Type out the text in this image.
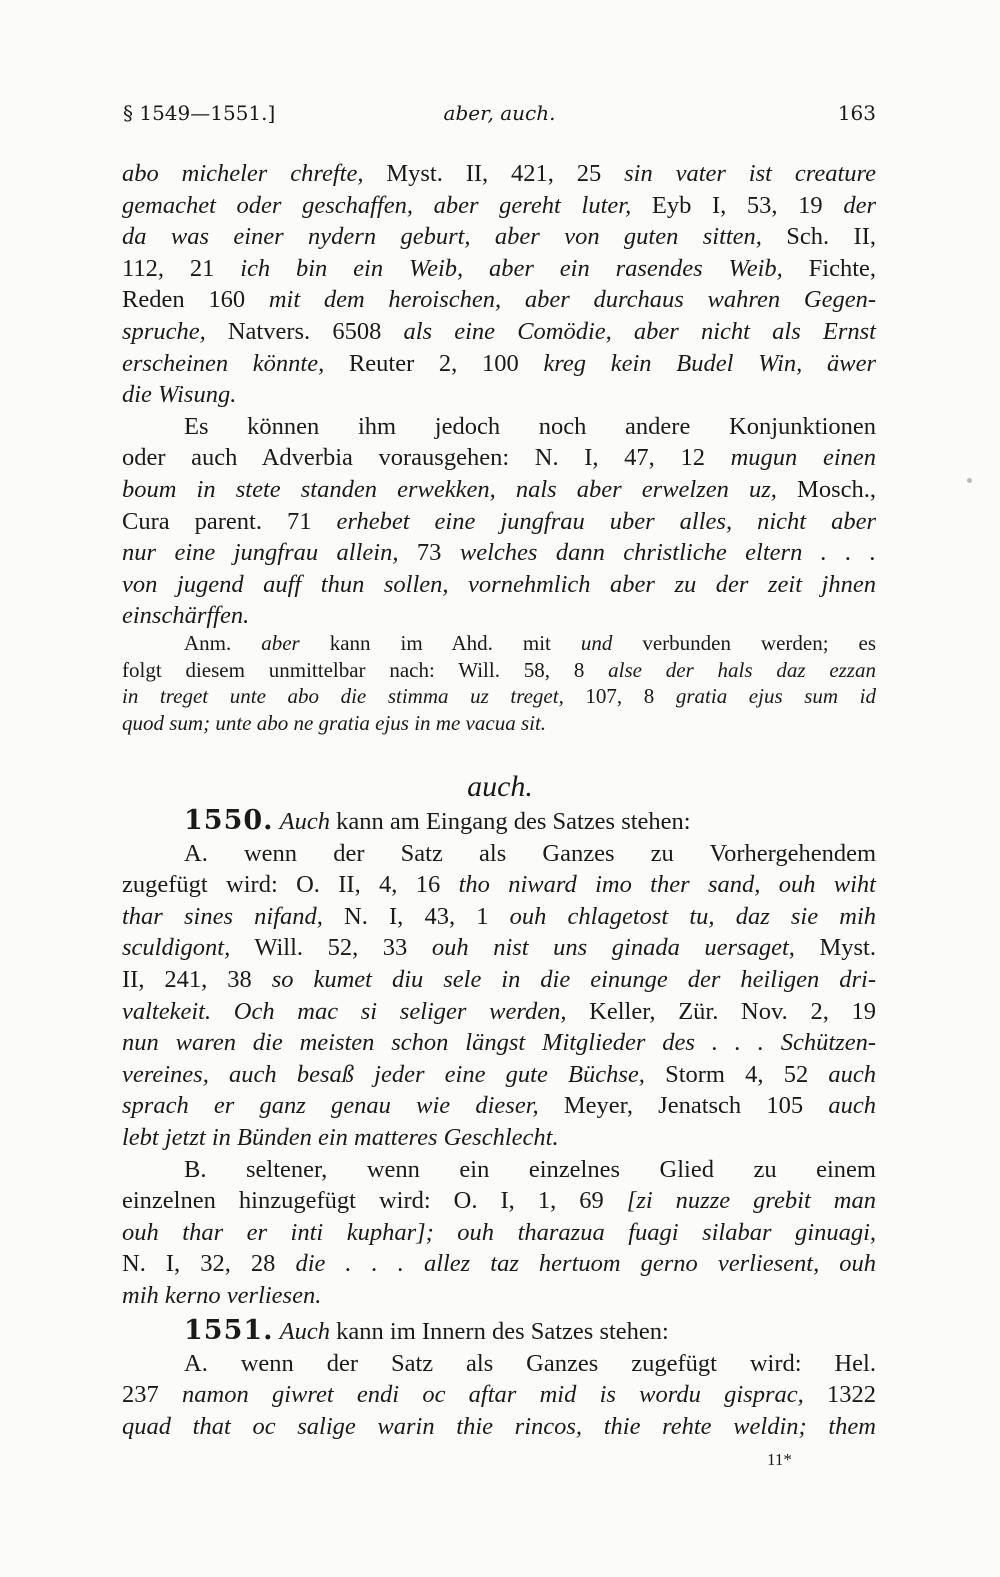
§ 1549—1551.]	aber, auch.	163
abo micheler chrefte, Myst. II, 421, 25 sin vater ist creature
gemachet oder geschaffen, aber gereht luter, Eyb I, 53, 19 der
da was einer nydern geburt, aber von guten sitten, Sch. II,
112, 21 ich bin ein Weib, aber ein rasendes Weib, Fichte,
Reden 160 mit dem heroischen, aber durchaus wahren Gegen-
spruche, Natvers. 6508 als eine Comödie, aber nicht als Ernst
erscheinen könnte, Reuter 2, 100 kreg kein Budel Win, äwer
die Wisung.
Es können ihm jedoch noch andere Konjunktionen
oder auch Adverbia vorausgehen: N. I, 47, 12 mugun einen
boum in stete standen erwekken, nals aber erwelzen uz, Mosch.,
Cura parent. 71 erhebet eine jungfrau uber alles, nicht aber
nur eine jungfrau allein, 73 welches dann christliche eltern . . .
von jugend auff thun sollen, vornehmlich aber zu der zeit jhnen
einschärffen.
Anm. aber kann im Ahd. mit und verbunden werden; es
folgt diesem unmittelbar nach: Will. 58, 8 alse der hals daz ezzan
in treget unte abo die stimma uz treget, 107, 8 gratia ejus sum id
quod sum; unte abo ne gratia ejus in me vacua sit.
auch.
1550. Auch kann am Eingang des Satzes stehen:
A. wenn der Satz als Ganzes zu Vorhergehendem
zugefügt wird: O. II, 4, 16 tho niward imo ther sand, ouh wiht
thar sines nifand, N. I, 43, 1 ouh chlagetost tu, daz sie mih
sculdigont, Will. 52, 33 ouh nist uns ginada uersaget, Myst.
II, 241, 38 so kumet diu sele in die einunge der heiligen dri-
valtekeit. Och mac si seliger werden, Keller, Zür. Nov. 2, 19
nun waren die meisten schon längst Mitglieder des . . . Schützen-
vereines, auch besaß jeder eine gute Büchse, Storm 4, 52 auch
sprach er ganz genau wie dieser, Meyer, Jenatsch 105 auch
lebt jetzt in Bünden ein matteres Geschlecht.
B. seltener, wenn ein einzelnes Glied zu einem
einzelnen hinzugefügt wird: O. I, 1, 69 [zi nuzze grebit man
ouh thar er inti kuphar]; ouh tharazua fuagi silabar ginuagi,
N. I, 32, 28 die . . . allez taz hertuom gerno verliesent, ouh
mih kerno verliesen.
1551. Auch kann im Innern des Satzes stehen:
A. wenn der Satz als Ganzes zugefügt wird: Hel.
237 namon giwret endi oc aftar mid is wordu gisprac, 1322
quad that oc salige warin thie rincos, thie rehte weldin; them
11*
